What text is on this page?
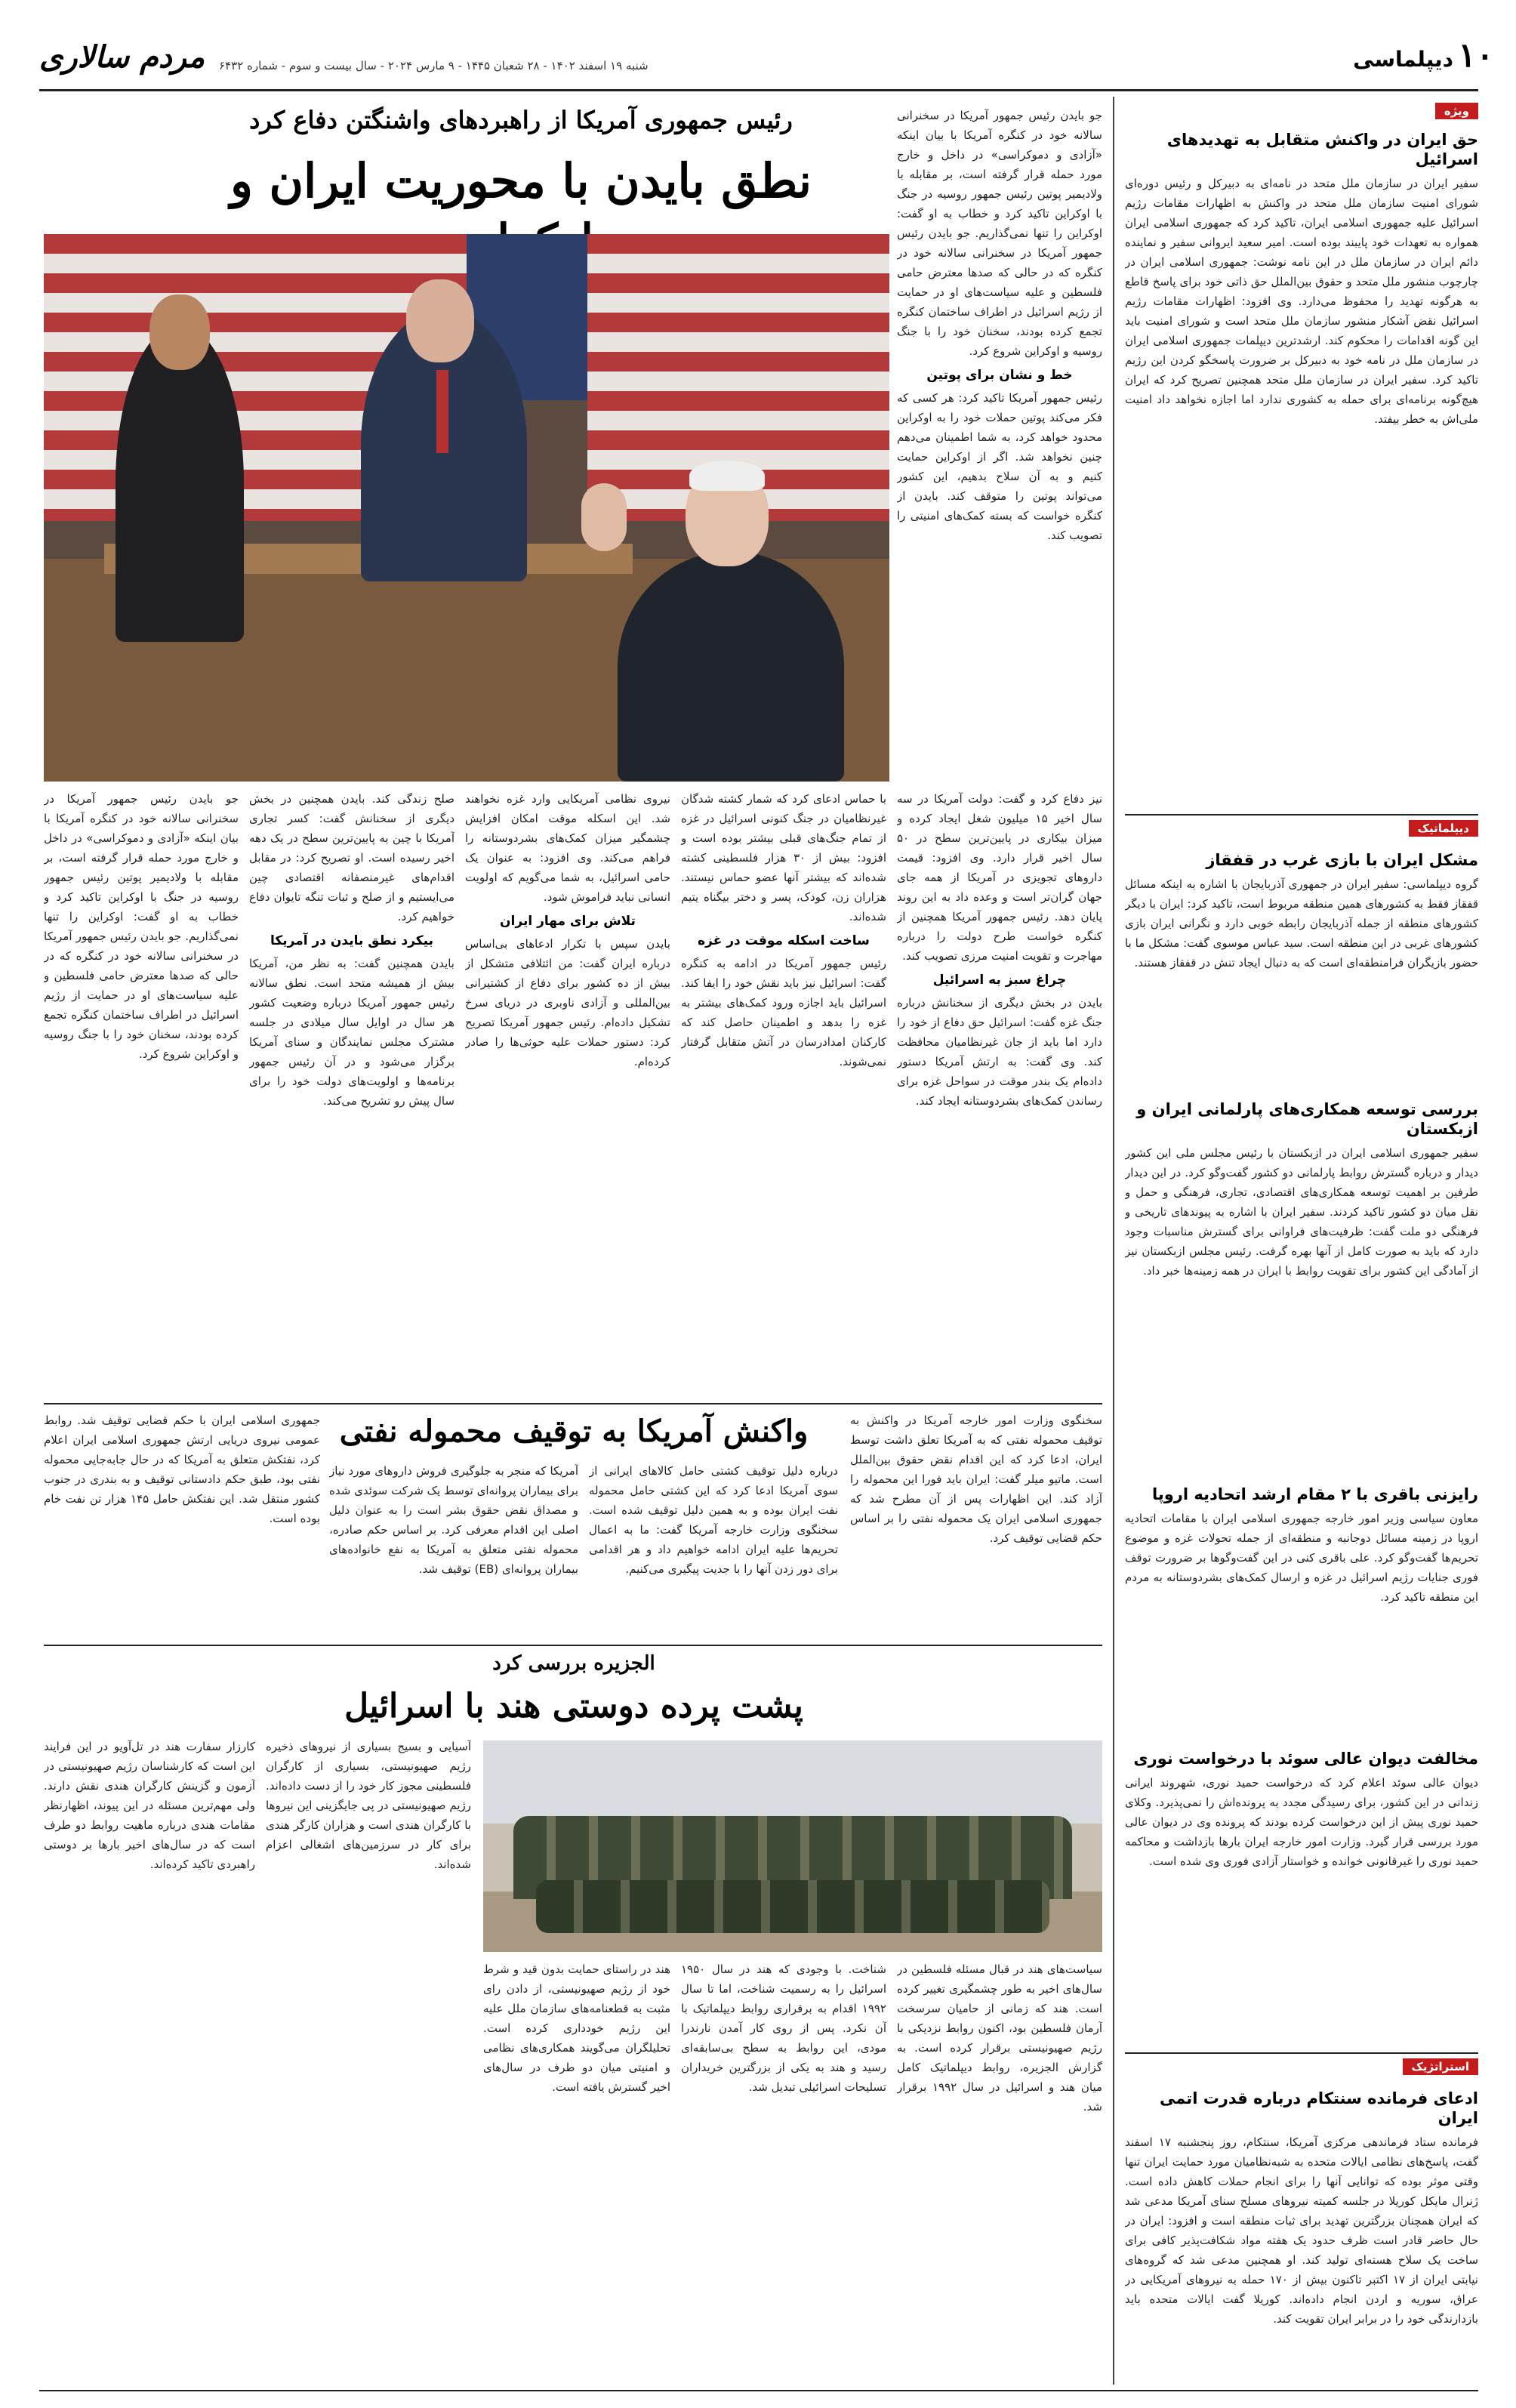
۱۰
دیپلماسی
مردم سالاری	شنبه ۱۹ اسفند ۱۴۰۲ - ۲۸ شعبان ۱۴۴۵ - ۹ مارس ۲۰۲۴ - سال بیست و سوم - شماره ۶۴۳۲
ویژه
حق ایران در واکنش متقابل به تهدیدهای اسرائیل

سفیر ایران در سازمان ملل متحد در نامه‌ای به دبیرکل و رئیس دوره‌ای شورای امنیت سازمان ملل متحد در واکنش به اظهارات مقامات رژیم اسرائیل علیه جمهوری اسلامی ایران، تاکید کرد که جمهوری اسلامی ایران همواره به تعهدات خود پایبند بوده است. امیر سعید ایروانی سفیر و نماینده دائم ایران در سازمان ملل در این نامه نوشت: جمهوری اسلامی ایران در چارچوب منشور ملل متحد و حقوق بین‌الملل حق ذاتی خود برای پاسخ قاطع به هرگونه تهدید را محفوظ می‌دارد. وی افزود: اظهارات مقامات رژیم اسرائیل نقض آشکار منشور سازمان ملل متحد است و شورای امنیت باید این گونه اقدامات را محکوم کند. ارشدترین دیپلمات جمهوری اسلامی ایران در سازمان ملل در نامه خود به دبیرکل بر ضرورت پاسخگو کردن این رژیم تاکید کرد. سفیر ایران در سازمان ملل متحد همچنین تصریح کرد که ایران هیچ‌گونه برنامه‌ای برای حمله به کشوری ندارد اما اجازه نخواهد داد امنیت ملی‌اش به خطر بیفتد.

دیپلماتیک
مشکل ایران با بازی غرب در قفقاز

گروه دیپلماسی: سفیر ایران در جمهوری آذربایجان با اشاره به اینکه مسائل قفقاز فقط به کشورهای همین منطقه مربوط است، تاکید کرد: ایران با دیگر کشورهای منطقه از جمله آذربایجان رابطه خوبی دارد و نگرانی ایران بازی کشورهای غربی در این منطقه است. سید عباس موسوی گفت: مشکل ما با حضور بازیگران فرامنطقه‌ای است که به دنبال ایجاد تنش در قفقاز هستند.

بررسی توسعه همکاری‌های پارلمانی ایران و ازبکستان

سفیر جمهوری اسلامی ایران در ازبکستان با رئیس مجلس ملی این کشور دیدار و درباره گسترش روابط پارلمانی دو کشور گفت‌وگو کرد. در این دیدار طرفین بر اهمیت توسعه همکاری‌های اقتصادی، تجاری، فرهنگی و حمل و نقل میان دو کشور تاکید کردند. سفیر ایران با اشاره به پیوندهای تاریخی و فرهنگی دو ملت گفت: ظرفیت‌های فراوانی برای گسترش مناسبات وجود دارد که باید به صورت کامل از آنها بهره گرفت. رئیس مجلس ازبکستان نیز از آمادگی این کشور برای تقویت روابط با ایران در همه زمینه‌ها خبر داد.

رایزنی باقری با ۲ مقام ارشد اتحادیه اروپا

معاون سیاسی وزیر امور خارجه جمهوری اسلامی ایران با مقامات اتحادیه اروپا در زمینه مسائل دوجانبه و منطقه‌ای از جمله تحولات غزه و موضوع تحریم‌ها گفت‌وگو کرد. علی باقری کنی در این گفت‌وگوها بر ضرورت توقف فوری جنایات رژیم اسرائیل در غزه و ارسال کمک‌های بشردوستانه به مردم این منطقه تاکید کرد.

مخالفت دیوان عالی سوئد با درخواست نوری

دیوان عالی سوئد اعلام کرد که درخواست حمید نوری، شهروند ایرانی زندانی در این کشور، برای رسیدگی مجدد به پرونده‌اش را نمی‌پذیرد. وکلای حمید نوری پیش از این درخواست کرده بودند که پرونده وی در دیوان عالی مورد بررسی قرار گیرد. وزارت امور خارجه ایران بارها بازداشت و محاکمه حمید نوری را غیرقانونی خوانده و خواستار آزادی فوری وی شده است.

استراتژیک
ادعای فرمانده سنتکام درباره قدرت اتمی ایران

فرمانده ستاد فرماندهی مرکزی آمریکا، سنتکام، روز پنجشنبه ۱۷ اسفند گفت، پاسخ‌های نظامی ایالات متحده به شبه‌نظامیان مورد حمایت ایران تنها وقتی موثر بوده که توانایی آنها را برای انجام حملات کاهش داده است. ژنرال مایکل کوریلا در جلسه کمیته نیروهای مسلح سنای آمریکا مدعی شد که ایران همچنان بزرگترین تهدید برای ثبات منطقه است و افزود: ایران در حال حاضر قادر است ظرف حدود یک هفته مواد شکافت‌پذیر کافی برای ساخت یک سلاح هسته‌ای تولید کند. او همچنین مدعی شد که گروه‌های نیابتی ایران از ۱۷ اکتبر تاکنون بیش از ۱۷۰ حمله به نیروهای آمریکایی در عراق، سوریه و اردن انجام داده‌اند. کوریلا گفت ایالات متحده باید بازدارندگی خود را در برابر ایران تقویت کند.

رئیس جمهوری آمریکا از راهبردهای واشنگتن دفاع کرد
نطق بایدن با محوریت ایران و

جو بایدن رئیس جمهور آمریکا در سخنرانی سالانه خود در کنگره آمریکا با بیان اینکه «آزادی و دموکراسی» در داخل و خارج مورد حمله قرار گرفته است، بر مقابله با ولادیمیر پوتین رئیس جمهور روسیه در جنگ با اوکراین تاکید کرد و خطاب به او گفت: اوکراین را تنها نمی‌گذاریم. جو بایدن رئیس جمهور آمریکا در سخنرانی سالانه خود در کنگره که در حالی که صدها معترض حامی فلسطین و علیه سیاست‌های او در حمایت از رژیم اسرائیل در اطراف ساختمان کنگره تجمع کرده بودند، سخنان خود را با جنگ روسیه و اوکراین شروع کرد.

خط و نشان برای پوتین

رئیس جمهور آمریکا تاکید کرد: هر کسی که فکر می‌کند پوتین حملات خود را به اوکراین محدود خواهد کرد، به شما اطمینان می‌دهم چنین نخواهد شد. اگر از اوکراین حمایت کنیم و به آن سلاح بدهیم، این کشور می‌تواند پوتین را متوقف کند. بایدن از کنگره خواست که بسته کمک‌های امنیتی را تصویب کند.

نیز دفاع کرد و گفت: دولت آمریکا در سه سال اخیر ۱۵ میلیون شغل ایجاد کرده و میزان بیکاری در پایین‌ترین سطح در ۵۰ سال اخیر قرار دارد. وی افزود: قیمت دارو‌های تجویزی در آمریکا از همه جای جهان گران‌تر است و وعده داد به این روند پایان دهد. رئیس جمهور آمریکا همچنین از کنگره خواست طرح دولت را درباره مهاجرت و تقویت امنیت مرزی تصویب کند.

چراغ سبز به اسرائیل

بایدن در بخش دیگری از سخنانش درباره جنگ غزه گفت: اسرائیل حق دفاع از خود را دارد اما باید از جان غیرنظامیان محافظت کند. وی گفت: به ارتش آمریکا دستور داده‌ام یک بندر موقت در سواحل غزه برای رساندن کمک‌های بشردوستانه ایجاد کند.

با حماس ادعای کرد که شمار کشته شدگان غیرنظامیان در جنگ کنونی اسرائیل در غزه از تمام جنگ‌های قبلی بیشتر بوده است و افزود: بیش از ۳۰ هزار فلسطینی کشته شده‌اند که بیشتر آنها عضو حماس نیستند. هزاران زن، کودک، پسر و دختر بیگناه یتیم شده‌اند.

ساخت اسکله موقت در غزه

رئیس جمهور آمریکا در ادامه به کنگره گفت: اسرائیل نیز باید نقش خود را ایفا کند. اسرائیل باید اجازه ورود کمک‌های بیشتر به غزه را بدهد و اطمینان حاصل کند که کارکنان امدادرسان در آتش متقابل گرفتار نمی‌شوند.

نیروی نظامی آمریکایی وارد غزه نخواهند شد. این اسکله موقت امکان افزایش چشمگیر میزان کمک‌های بشردوستانه را فراهم می‌کند. وی افزود: به عنوان یک حامی اسرائیل، به شما می‌گویم که اولویت انسانی نباید فراموش شود.

تلاش برای مهار ایران

بایدن سپس با تکرار ادعاهای بی‌اساس درباره ایران گفت: من ائتلافی متشکل از بیش از ده کشور برای دفاع از کشتیرانی بین‌المللی و آزادی ناوبری در دریای سرخ تشکیل داده‌ام. رئیس جمهور آمریکا تصریح کرد: دستور حملات علیه حوثی‌ها را صادر کرده‌ام.

صلح زندگی کند. بایدن همچنین در بخش دیگری از سخنانش گفت: کسر تجاری آمریکا با چین به پایین‌ترین سطح در یک دهه اخیر رسیده است. او تصریح کرد: در مقابل اقدام‌های غیرمنصفانه اقتصادی چین می‌ایستیم و از صلح و ثبات تنگه تایوان دفاع خواهیم کرد.

بیکرد نطق بایدن در آمریکا

بایدن همچنین گفت: به نظر من، آمریکا بیش از همیشه متحد است. نطق سالانه رئیس جمهور آمریکا درباره وضعیت کشور هر سال در اوایل سال میلادی در جلسه مشترک مجلس نمایندگان و سنای آمریکا برگزار می‌شود و در آن رئیس جمهور برنامه‌ها و اولویت‌های دولت خود را برای سال پیش رو تشریح می‌کند.

جو بایدن رئیس جمهور آمریکا در سخنرانی سالانه خود در کنگره آمریکا با بیان اینکه «آزادی و دموکراسی» در داخل و خارج مورد حمله قرار گرفته است، بر مقابله با ولادیمیر پوتین رئیس جمهور روسیه در جنگ با اوکراین تاکید کرد و خطاب به او گفت: اوکراین را تنها نمی‌گذاریم. جو بایدن رئیس جمهور آمریکا در سخنرانی سالانه خود در کنگره که در حالی که صدها معترض حامی فلسطین و علیه سیاست‌های او در حمایت از رژیم اسرائیل در اطراف ساختمان کنگره تجمع کرده بودند، سخنان خود را با جنگ روسیه و اوکراین شروع کرد.

واکنش آمریکا به توقیف محموله نفتی	سخنگوی وزارت امور خارجه آمریکا در واکنش به توقیف محموله نفتی که به آمریکا تعلق داشت توسط ایران، ادعا کرد که این اقدام نقض حقوق بین‌الملل است. ماتیو میلر گفت: ایران باید فورا این محموله را آزاد کند. این اظهارات پس از آن مطرح شد که جمهوری اسلامی ایران یک محموله نفتی را بر اساس حکم قضایی توقیف کرد.

درباره دلیل توقیف کشتی حامل کالاهای ایرانی از سوی آمریکا ادعا کرد که این کشتی حامل محموله نفت ایران بوده و به همین دلیل توقیف شده است. سخنگوی وزارت خارجه آمریکا گفت: ما به اعمال تحریم‌ها علیه ایران ادامه خواهیم داد و هر اقدامی برای دور زدن آنها را با جدیت پیگیری می‌کنیم.

آمریکا که منجر به جلوگیری فروش داروهای مورد نیاز برای بیماران پروانه‌ای توسط یک شرکت سوئدی شده و مصداق نقض حقوق بشر است را به عنوان دلیل اصلی این اقدام معرفی کرد. بر اساس حکم صادره، محموله نفتی متعلق به آمریکا به نفع خانواده‌های بیماران پروانه‌ای (EB) توقیف شد.

جمهوری اسلامی ایران با حکم قضایی توقیف شد. روابط عمومی نیروی دریایی ارتش جمهوری اسلامی ایران اعلام کرد، نفتکش متعلق به آمریکا که در حال جابه‌جایی محموله نفتی بود، طبق حکم دادستانی توقیف و به بندری در جنوب کشور منتقل شد. این نفتکش حامل ۱۴۵ هزار تن نفت خام بوده است.

الجزیره بررسی کرد
پشت پرده دوستی هند با اسرائیل

سیاست‌های هند در قبال مسئله فلسطین در سال‌های اخیر به طور چشمگیری تغییر کرده است. هند که زمانی از حامیان سرسخت آرمان فلسطین بود، اکنون روابط نزدیکی با رژیم صهیونیستی برقرار کرده است. به گزارش الجزیره، روابط دیپلماتیک کامل میان هند و اسرائیل در سال ۱۹۹۲ برقرار شد.

شناخت. با وجودی که هند در سال ۱۹۵۰ اسرائیل را به رسمیت شناخت، اما تا سال ۱۹۹۲ اقدام به برقراری روابط دیپلماتیک با آن نکرد. پس از روی کار آمدن نارندرا مودی، این روابط به سطح بی‌سابقه‌ای رسید و هند به یکی از بزرگترین خریداران تسلیحات اسرائیلی تبدیل شد.

هند در راستای حمایت بدون قید و شرط خود از رژیم صهیونیستی، از دادن رای مثبت به قطعنامه‌های سازمان ملل علیه این رژیم خودداری کرده است. تحلیلگران می‌گویند همکاری‌های نظامی و امنیتی میان دو طرف در سال‌های اخیر گسترش یافته است.

آسیایی و بسیج بسیاری از نیروهای ذخیره رژیم صهیونیستی، بسیاری از کارگران فلسطینی مجوز کار خود را از دست داده‌اند. رژیم صهیونیستی در پی جایگزینی این نیروها با کارگران هندی است و هزاران کارگر هندی برای کار در سرزمین‌های اشغالی اعزام شده‌اند.

کارزار سفارت هند در تل‌آویو در این فرایند این است که کارشناسان رژیم صهیونیستی در آزمون و گزینش کارگران هندی نقش دارند. ولی مهم‌ترین مسئله در این پیوند، اظهارنظر مقامات هندی درباره ماهیت روابط دو طرف است که در سال‌های اخیر بارها بر دوستی راهبردی تاکید کرده‌اند.
